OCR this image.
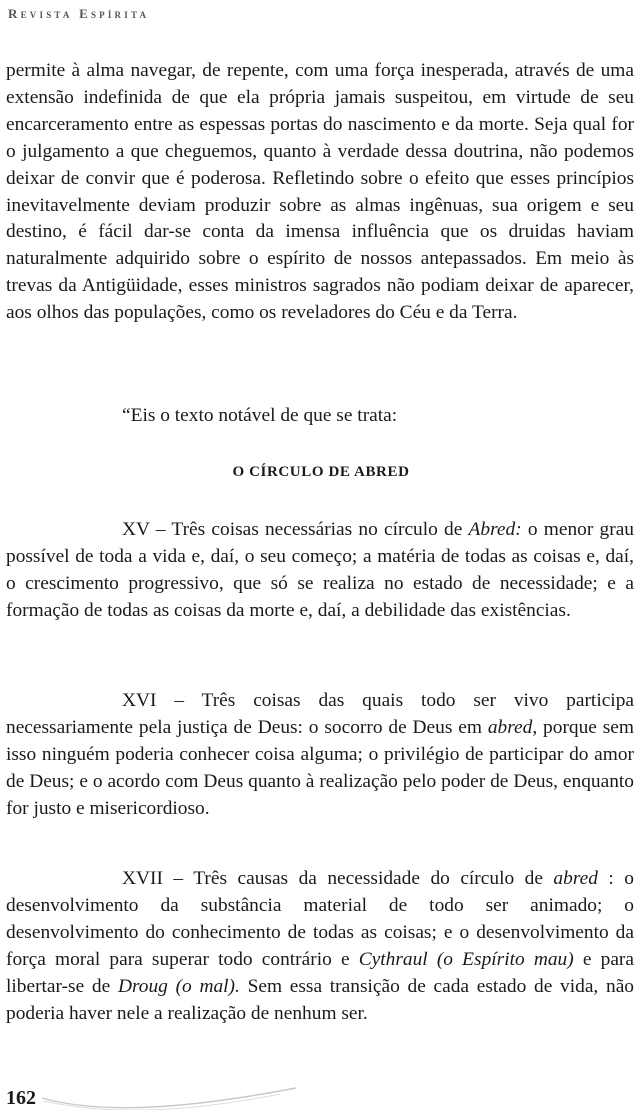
Revista Espírita

permite à alma navegar, de repente, com uma força inesperada, através de uma extensão indefinida de que ela própria jamais suspeitou, em virtude de seu encarceramento entre as espessas portas do nascimento e da morte. Seja qual for o julgamento a que cheguemos, quanto à verdade dessa doutrina, não podemos deixar de convir que é poderosa. Refletindo sobre o efeito que esses princípios inevitavelmente deviam produzir sobre as almas ingênuas, sua origem e seu destino, é fácil dar-se conta da imensa influência que os druidas haviam naturalmente adquirido sobre o espírito de nossos antepassados. Em meio às trevas da Antigüidade, esses ministros sagrados não podiam deixar de aparecer, aos olhos das populações, como os reveladores do Céu e da Terra.

“Eis o texto notável de que se trata:

O CÍRCULO DE ABRED

XV – Três coisas necessárias no círculo de Abred: o menor grau possível de toda a vida e, daí, o seu começo; a matéria de todas as coisas e, daí, o crescimento progressivo, que só se realiza no estado de necessidade; e a formação de todas as coisas da morte e, daí, a debilidade das existências.

XVI – Três coisas das quais todo ser vivo participa necessariamente pela justiça de Deus: o socorro de Deus em abred, porque sem isso ninguém poderia conhecer coisa alguma; o privilégio de participar do amor de Deus; e o acordo com Deus quanto à realização pelo poder de Deus, enquanto for justo e misericordioso.

XVII – Três causas da necessidade do círculo de abred : o desenvolvimento da substância material de todo ser animado; o desenvolvimento do conhecimento de todas as coisas; e o desenvolvimento da força moral para superar todo contrário e Cythraul (o Espírito mau) e para libertar-se de Droug (o mal). Sem essa transição de cada estado de vida, não poderia haver nele a realização de nenhum ser.

162
